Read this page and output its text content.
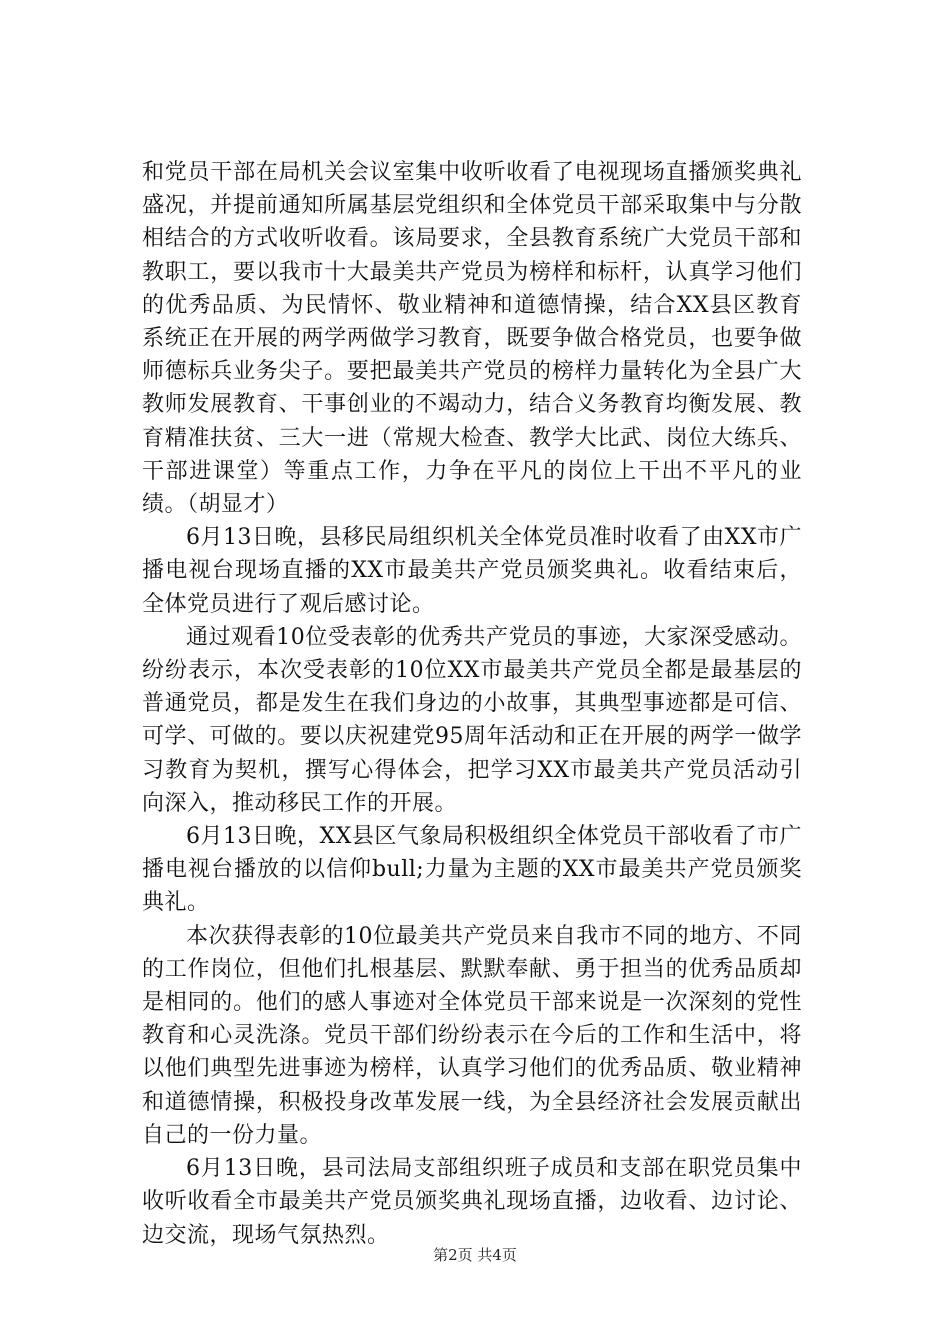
和党员干部在局机关会议室集中收听收看了电视现场直播颁奖典礼盛况，并提前通知所属基层党组织和全体党员干部采取集中与分散相结合的方式收听收看。该局要求，全县教育系统广大党员干部和教职工，要以我市十大最美共产党员为榜样和标杆，认真学习他们的优秀品质、为民情怀、敬业精神和道德情操，结合XX县区教育系统正在开展的两学两做学习教育，既要争做合格党员，也要争做师德标兵业务尖子。要把最美共产党员的榜样力量转化为全县广大教师发展教育、干事创业的不竭动力，结合义务教育均衡发展、教育精准扶贫、三大一进（常规大检查、教学大比武、岗位大练兵、干部进课堂）等重点工作，力争在平凡的岗位上干出不平凡的业绩。（胡显才）

6月13日晚，县移民局组织机关全体党员准时收看了由XX市广播电视台现场直播的XX市最美共产党员颁奖典礼。收看结束后，全体党员进行了观后感讨论。

通过观看10位受表彰的优秀共产党员的事迹，大家深受感动。纷纷表示，本次受表彰的10位XX市最美共产党员全都是最基层的普通党员，都是发生在我们身边的小故事，其典型事迹都是可信、可学、可做的。要以庆祝建党95周年活动和正在开展的两学一做学习教育为契机，撰写心得体会，把学习XX市最美共产党员活动引向深入，推动移民工作的开展。

6月13日晚，XX县区气象局积极组织全体党员干部收看了市广播电视台播放的以信仰bull;力量为主题的XX市最美共产党员颁奖典礼。

本次获得表彰的10位最美共产党员来自我市不同的地方、不同的工作岗位，但他们扎根基层、默默奉献、勇于担当的优秀品质却是相同的。他们的感人事迹对全体党员干部来说是一次深刻的党性教育和心灵洗涤。党员干部们纷纷表示在今后的工作和生活中，将以他们典型先进事迹为榜样，认真学习他们的优秀品质、敬业精神和道德情操，积极投身改革发展一线，为全县经济社会发展贡献出自己的一份力量。

6月13日晚，县司法局支部组织班子成员和支部在职党员集中收听收看全市最美共产党员颁奖典礼现场直播，边收看、边讨论、边交流，现场气氛热烈。

第2页 共4页
